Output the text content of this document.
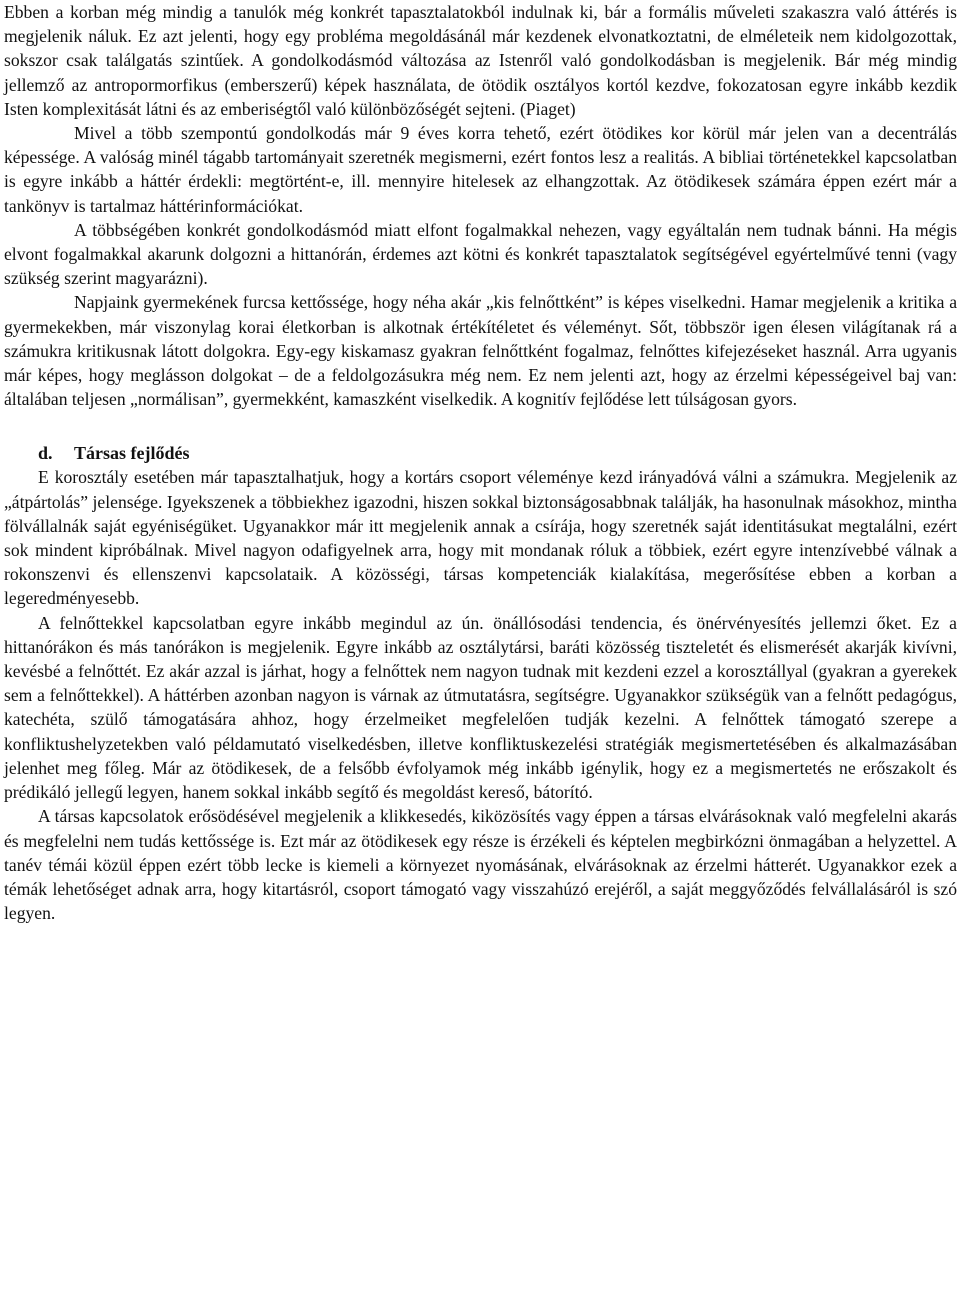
Ebben a korban még mindig a tanulók még konkrét tapasztalatokból indulnak ki, bár a formális műveleti szakaszra való áttérés is megjelenik náluk. Ez azt jelenti, hogy egy probléma megoldásánál már kezdenek elvonatkoztatni, de elméleteik nem kidolgozottak, sokszor csak találgatás szintűek. A gondolkodásmód változása az Istenről való gondolkodásban is megjelenik. Bár még mindig jellemző az antropormorfikus (emberszerű) képek használata, de ötödik osztályos kortól kezdve, fokozatosan egyre inkább kezdik Isten komplexitását látni és az emberiségtől való különbözőségét sejteni. (Piaget)

Mivel a több szempontú gondolkodás már 9 éves korra tehető, ezért ötödikes kor körül már jelen van a decentrálás képessége. A valóság minél tágabb tartományait szeretnék megismerni, ezért fontos lesz a realitás. A bibliai történetekkel kapcsolatban is egyre inkább a háttér érdekli: megtörtént-e, ill. mennyire hitelesek az elhangzottak. Az ötödikesek számára éppen ezért már a tankönyv is tartalmaz háttérinformációkat.

A többségében konkrét gondolkodásmód miatt elfont fogalmakkal nehezen, vagy egyáltalán nem tudnak bánni. Ha mégis elvont fogalmakkal akarunk dolgozni a hittanórán, érdemes azt kötni és konkrét tapasztalatok segítségével egyértelművé tenni (vagy szükség szerint magyarázni).

Napjaink gyermekének furcsa kettőssége, hogy néha akár „kis felnőttként” is képes viselkedni. Hamar megjelenik a kritika a gyermekekben, már viszonylag korai életkorban is alkotnak értékítéletet és véleményt. Sőt, többször igen élesen világítanak rá a számukra kritikusnak látott dolgokra. Egy-egy kiskamasz gyakran felnőttként fogalmaz, felnőttes kifejezéseket használ. Arra ugyanis már képes, hogy meglásson dolgokat – de a feldolgozásukra még nem. Ez nem jelenti azt, hogy az érzelmi képességeivel baj van: általában teljesen „normálisan”, gyermekként, kamaszként viselkedik. A kognitív fejlődése lett túlságosan gyors.

d. Társas fejlődés

E korosztály esetében már tapasztalhatjuk, hogy a kortárs csoport véleménye kezd irányadóvá válni a számukra. Megjelenik az „átpártolás” jelensége. Igyekszenek a többiekhez igazodni, hiszen sokkal biztonságosabbnak találják, ha hasonulnak másokhoz, mintha fölvállalnák saját egyéniségüket. Ugyanakkor már itt megjelenik annak a csírája, hogy szeretnék saját identitásukat megtalálni, ezért sok mindent kipróbálnak. Mivel nagyon odafigyelnek arra, hogy mit mondanak róluk a többiek, ezért egyre intenzívebbé válnak a rokonszenvi és ellenszenvi kapcsolataik. A közösségi, társas kompetenciák kialakítása, megerősítése ebben a korban a legeredményesebb.

A felnőttekkel kapcsolatban egyre inkább megindul az ún. önállósodási tendencia, és önérvényesítés jellemzi őket. Ez a hittanórákon és más tanórákon is megjelenik. Egyre inkább az osztálytársi, baráti közösség tiszteletét és elismerését akarják kivívni, kevésbé a felnőttét. Ez akár azzal is járhat, hogy a felnőttek nem nagyon tudnak mit kezdeni ezzel a korosztállyal (gyakran a gyerekek sem a felnőttekkel). A háttérben azonban nagyon is várnak az útmutatásra, segítségre. Ugyanakkor szükségük van a felnőtt pedagógus, katechéta, szülő támogatására ahhoz, hogy érzelmeiket megfelelően tudják kezelni. A felnőttek támogató szerepe a konfliktushelyzetekben való példamutató viselkedésben, illetve konfliktuskezelési stratégiák megismertetésében és alkalmazásában jelenhet meg főleg. Már az ötödikesek, de a felsőbb évfolyamok még inkább igénylik, hogy ez a megismertetés ne erőszakolt és prédikáló jellegű legyen, hanem sokkal inkább segítő és megoldást kereső, bátorító.

A társas kapcsolatok erősödésével megjelenik a klikkesedés, kiközösítés vagy éppen a társas elvárásoknak való megfelelni akarás és megfelelni nem tudás kettőssége is. Ezt már az ötödikesek egy része is érzékeli és képtelen megbirkózni önmagában a helyzettel. A tanév témái közül éppen ezért több lecke is kiemeli a környezet nyomásának, elvárásoknak az érzelmi hátterét. Ugyanakkor ezek a témák lehetőséget adnak arra, hogy kitartásról, csoport támogató vagy visszahúzó erejéről, a saját meggyőződés felvállalásáról is szó legyen.
